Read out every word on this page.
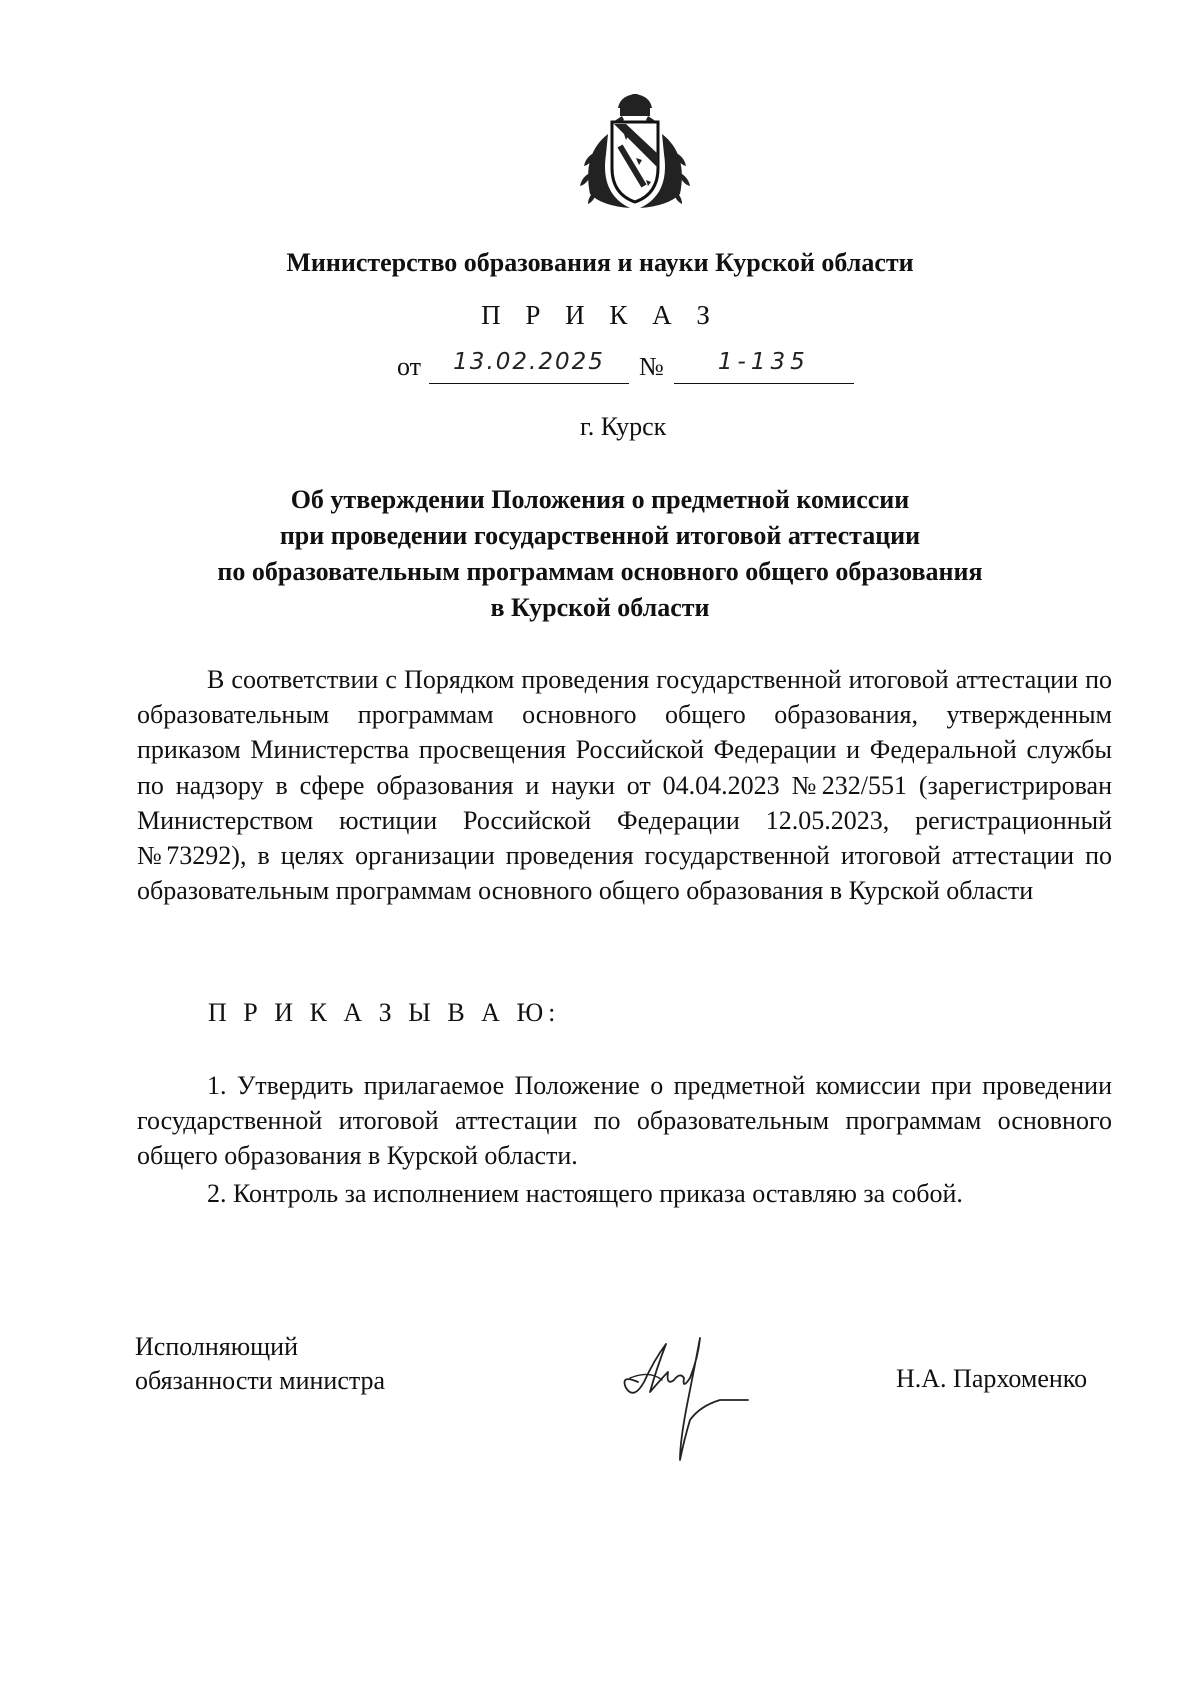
Министерство образования и науки Курской области
П Р И К А З
от	13.02.2025	№	1-135
г. Курск
Об утверждении Положения о предметной комиссии
при проведении государственной итоговой аттестации
по образовательным программам основного общего образования
в Курской области

В соответствии с Порядком проведения государственной итоговой аттестации по образовательным программам основного общего образования, утвержденным приказом Министерства просвещения Российской Федерации и Федеральной службы по надзору в сфере образования и науки от 04.04.2023 №232/551 (зарегистрирован Министерством юстиции Российской Федерации 12.05.2023, регистрационный №73292), в целях организации проведения государственной итоговой аттестации по образовательным программам основного общего образования в Курской области

П Р И К А З Ы В А Ю:

1. Утвердить прилагаемое Положение о предметной комиссии при проведении государственной итоговой аттестации по образовательным программам основного общего образования в Курской области.

2. Контроль за исполнением настоящего приказа оставляю за собой.

Исполняющий
обязанности министра	Н.А. Пархоменко
